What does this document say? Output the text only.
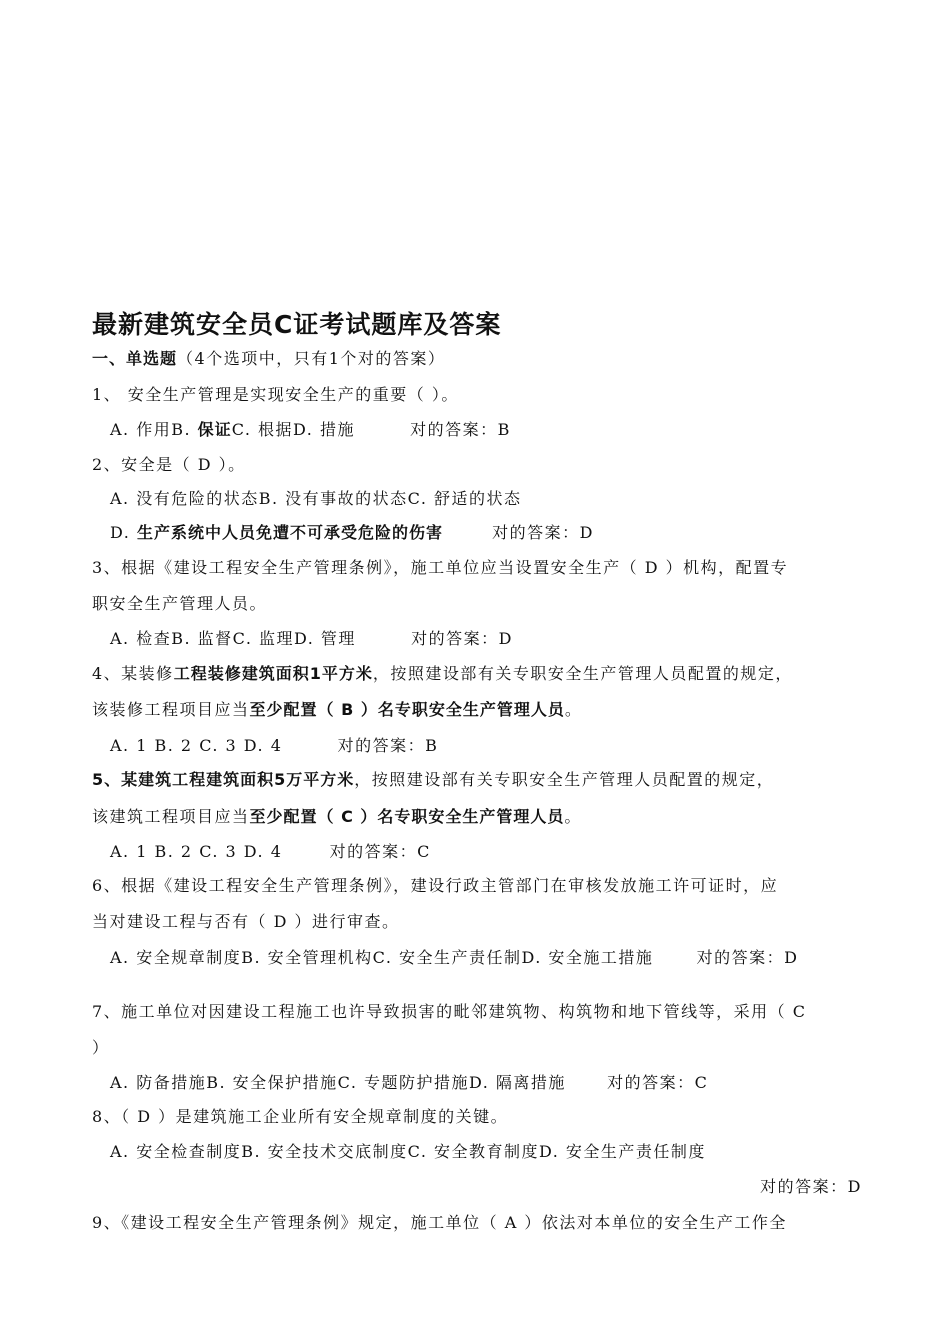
最新建筑安全员C证考试题库及答案
一、单选题（4个选项中，只有1个对的答案）
1、 安全生产管理是实现安全生产的重要（ ）。
A. 作用B. 保证C. 根据D. 措施	对的答案：B
2、安全是（ D ）。
A. 没有危险的状态B. 没有事故的状态C. 舒适的状态
D. 生产系统中人员免遭不可承受危险的伤害	对的答案：D
3、根据《建设工程安全生产管理条例》，施工单位应当设置安全生产（ D ）机构，配置专
职安全生产管理人员。
A. 检查B. 监督C. 监理D. 管理	对的答案：D
4、某装修工程装修建筑面积1平方米，按照建设部有关专职安全生产管理人员配置的规定，
该装修工程项目应当至少配置（ B ）名专职安全生产管理人员。
A. 1 B. 2 C. 3 D. 4	对的答案：B
5、某建筑工程建筑面积5万平方米，按照建设部有关专职安全生产管理人员配置的规定，
该建筑工程项目应当至少配置（ C ）名专职安全生产管理人员。
A. 1 B. 2 C. 3 D. 4	对的答案：C
6、根据《建设工程安全生产管理条例》，建设行政主管部门在审核发放施工许可证时，应
当对建设工程与否有（ D ）进行审查。
A. 安全规章制度B. 安全管理机构C. 安全生产责任制D. 安全施工措施	对的答案：D
7、施工单位对因建设工程施工也许导致损害的毗邻建筑物、构筑物和地下管线等，采用（ C
）
A. 防备措施B. 安全保护措施C. 专题防护措施D. 隔离措施	对的答案：C
8、（ D ）是建筑施工企业所有安全规章制度的关键。
A. 安全检查制度B. 安全技术交底制度C. 安全教育制度D. 安全生产责任制度
对的答案：D
9、《建设工程安全生产管理条例》规定，施工单位（ A ）依法对本单位的安全生产工作全
